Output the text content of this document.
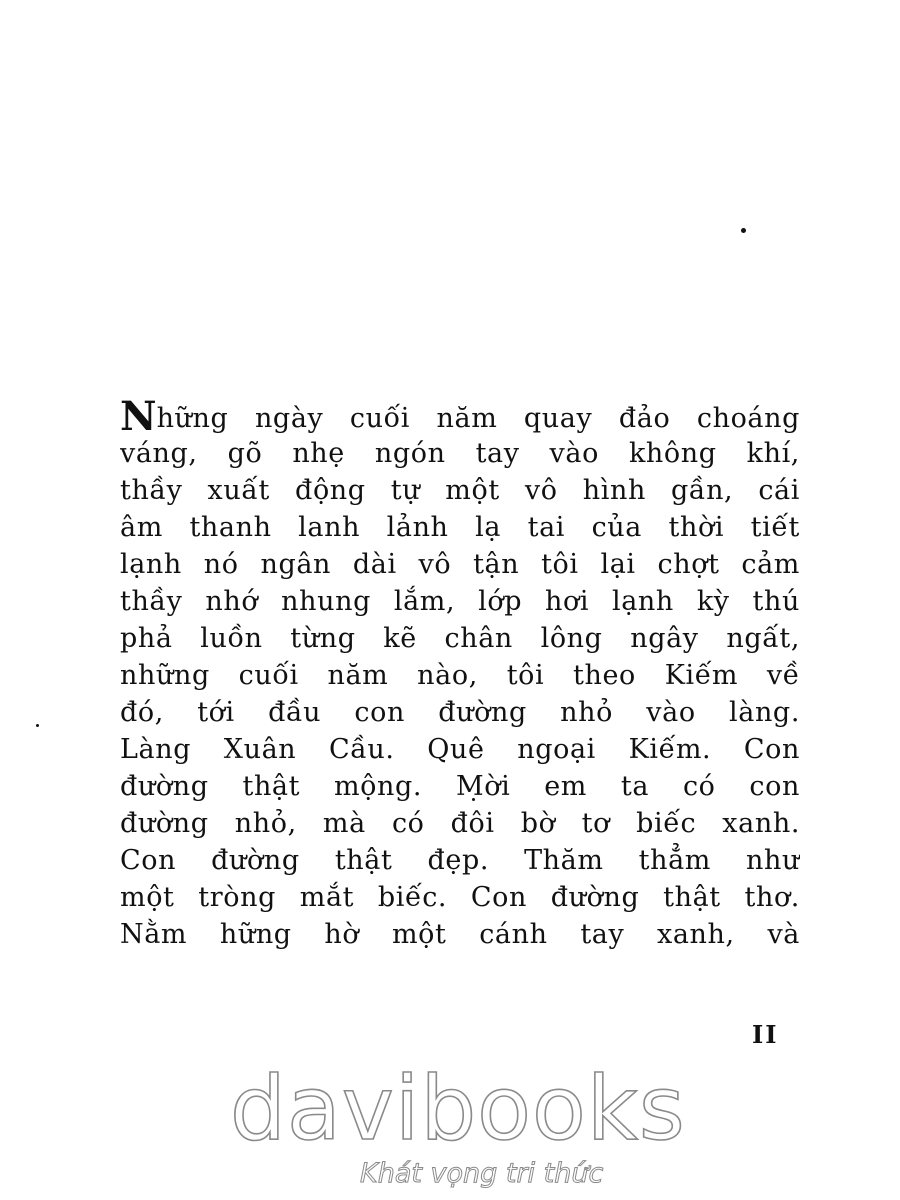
Những ngày cuối năm quay đảo choáng
váng, gõ nhẹ ngón tay vào không khí,
thầy xuất động tự một vô hình gần, cái
âm thanh lanh lảnh lạ tai của thời tiết
lạnh nó ngân dài vô tận tôi lại chợt cảm
thầy nhớ nhung lắm, lớp hơi lạnh kỳ thú
phả luồn từng kẽ chân lông ngây ngất,
những cuối năm nào, tôi theo Kiếm về
đó, tới đầu con đường nhỏ vào làng.
Làng Xuân Cầu. Quê ngoại Kiếm. Con
đường thật mộng. Mời em ta có con
đường nhỏ, mà có đôi bờ tơ biếc xanh.
Con đường thật đẹp. Thăm thẳm như
một tròng mắt biếc. Con đường thật thơ.
Nằm hững hờ một cánh tay xanh, và
II
davibooks
Khát vọng tri thức
